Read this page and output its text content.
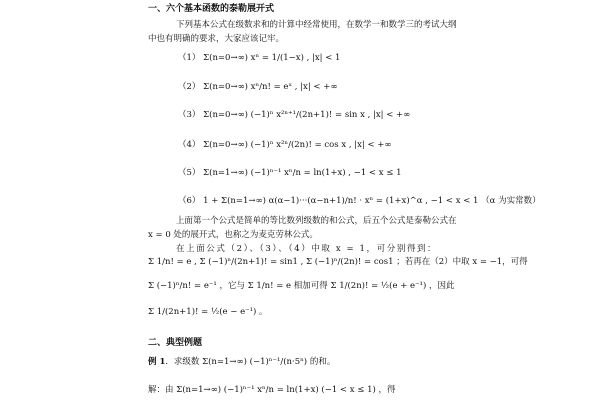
一、六个基本函数的泰勒展开式
下列基本公式在级数求和的计算中经常使用，在数学一和数学三的考试大纲
中也有明确的要求，大家应该记牢。
（1） Σ(n=0→∞) xⁿ = 1/(1−x) , |x| < 1
（2） Σ(n=0→∞) xⁿ/n! = eˣ , |x| < +∞
（3） Σ(n=0→∞) (−1)ⁿ x²ⁿ⁺¹/(2n+1)! = sin x , |x| < +∞
（4） Σ(n=0→∞) (−1)ⁿ x²ⁿ/(2n)! = cos x , |x| < +∞
（5） Σ(n=1→∞) (−1)ⁿ⁻¹ xⁿ/n = ln(1+x) , −1 < x ≤ 1
（6） 1 + Σ(n=1→∞) α(α−1)···(α−n+1)/n! · xⁿ = (1+x)^α , −1 < x < 1 （α 为实常数）
上面第一个公式是简单的等比数列级数的和公式，后五个公式是泰勒公式在
x = 0 处的展开式，也称之为麦克劳林公式。
在上面公式（2）、（3）、（4）中取 x = 1，可分别得到：
Σ 1/n! = e , Σ (−1)ⁿ/(2n+1)! = sin1 , Σ (−1)ⁿ/(2n)! = cos1 ；若再在（2）中取 x = −1，可得
Σ (−1)ⁿ/n! = e⁻¹ ，它与 Σ 1/n! = e 相加可得 Σ 1/(2n)! = ½(e + e⁻¹) ，因此
Σ 1/(2n+1)! = ½(e − e⁻¹) 。
二、典型例题
例 1．求级数 Σ(n=1→∞) (−1)ⁿ⁻¹/(n·5ⁿ) 的和。
解：由 Σ(n=1→∞) (−1)ⁿ⁻¹ xⁿ/n = ln(1+x) (−1 < x ≤ 1) ，得
